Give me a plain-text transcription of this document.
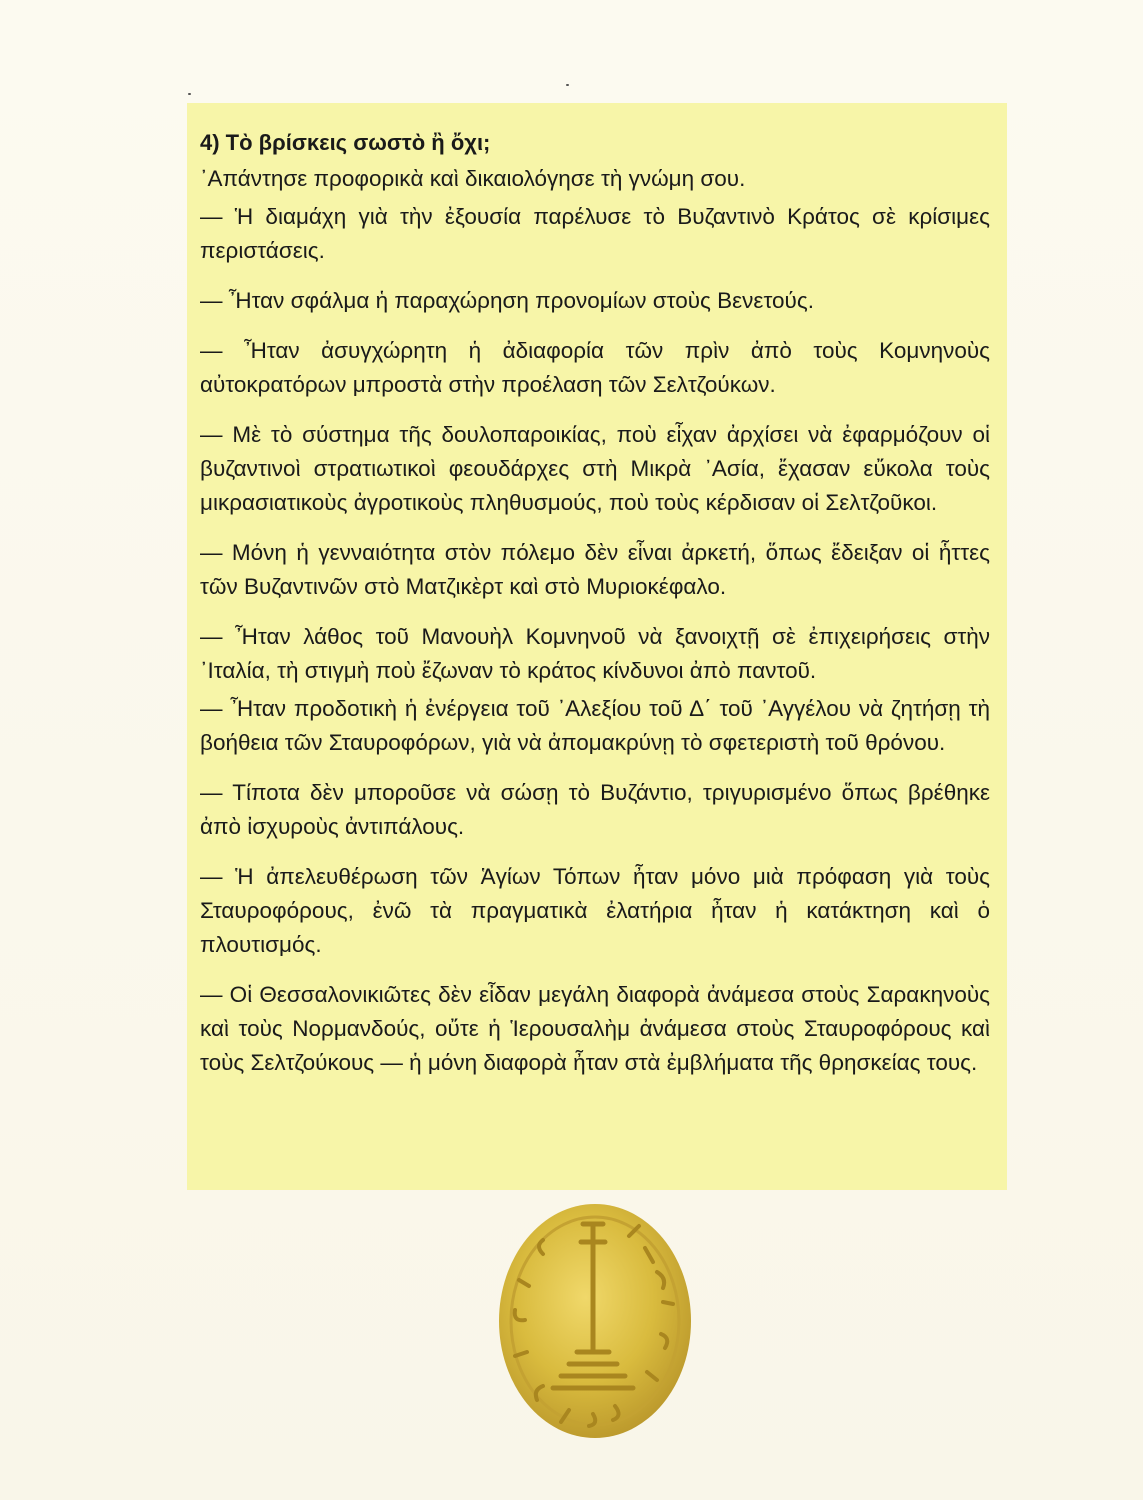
4) Τὸ βρίσκεις σωστὸ ἢ ὄχι;

᾿Απάντησε προφορικὰ καὶ δικαιολόγησε τὴ γνώμη σου.

— Ἡ διαμάχη γιὰ τὴν ἐξουσία παρέλυσε τὸ Βυζαντινὸ Κράτος σὲ κρίσιμες περιστάσεις.

— Ἦταν σφάλμα ἡ παραχώρηση προνομίων στοὺς Βενετούς.

— Ἦταν ἀσυγχώρητη ἡ ἀδιαφορία τῶν πρὶν ἀπὸ τοὺς Κομνηνοὺς αὐτοκρατόρων μπροστὰ στὴν προέλαση τῶν Σελτζούκων.

— Μὲ τὸ σύστημα τῆς δουλοπαροικίας, ποὺ εἶχαν ἀρχίσει νὰ ἐφαρμόζουν οἱ βυζαντινοὶ στρατιωτικοὶ φεουδάρχες στὴ Μικρὰ ᾿Ασία, ἔχασαν εὔκολα τοὺς μικρασιατικοὺς ἀγροτικοὺς πληθυσμούς, ποὺ τοὺς κέρδισαν οἱ Σελτζοῦκοι.

— Μόνη ἡ γενναιότητα στὸν πόλεμο δὲν εἶναι ἀρκετή, ὅπως ἔδειξαν οἱ ἧττες τῶν Βυζαντινῶν στὸ Ματζικὲρτ καὶ στὸ Μυριοκέφαλο.

— Ἦταν λάθος τοῦ Μανουὴλ Κομνηνοῦ νὰ ξανοιχτῇ σὲ ἐπιχειρήσεις στὴν ᾿Ιταλία, τὴ στιγμὴ ποὺ ἔζωναν τὸ κράτος κίνδυνοι ἀπὸ παντοῦ.

— Ἦταν προδοτικὴ ἡ ἐνέργεια τοῦ ᾿Αλεξίου τοῦ Δ΄ τοῦ ᾿Αγγέλου νὰ ζητήσῃ τὴ βοήθεια τῶν Σταυροφόρων, γιὰ νὰ ἀπομακρύνῃ τὸ σφετεριστὴ τοῦ θρόνου.

— Τίποτα δὲν μποροῦσε νὰ σώσῃ τὸ Βυζάντιο, τριγυρισμένο ὅπως βρέθηκε ἀπὸ ἰσχυροὺς ἀντιπάλους.

— Ἡ ἀπελευθέρωση τῶν Ἁγίων Τόπων ἦταν μόνο μιὰ πρόφαση γιὰ τοὺς Σταυροφόρους, ἐνῶ τὰ πραγματικὰ ἐλατήρια ἦταν ἡ κατάκτηση καὶ ὁ πλουτισμός.

— Οἱ Θεσσαλονικιῶτες δὲν εἶδαν μεγάλη διαφορὰ ἀνάμεσα στοὺς Σαρακηνοὺς καὶ τοὺς Νορμανδούς, οὔτε ἡ Ἱερουσαλὴμ ἀνάμεσα στοὺς Σταυροφόρους καὶ τοὺς Σελτζούκους — ἡ μόνη διαφορὰ ἦταν στὰ ἐμβλήματα τῆς θρησκείας τους.
